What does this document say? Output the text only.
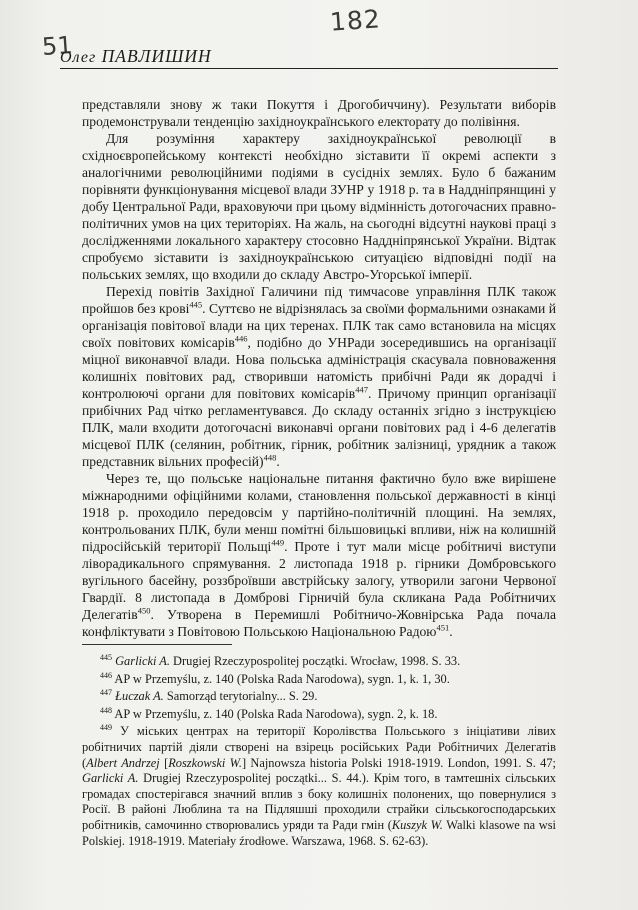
182
51
Олег ПАВЛИШИН

представляли знову ж таки Покуття і Дрогобиччину). Результати виборів продемонстрували тенденцію західноукраїнського електорату до полівіння.

Для розуміння характеру західноукраїнської революції в східноєвропейському контексті необхідно зіставити її окремі аспекти з аналогічними революційними подіями в сусідніх землях. Було б бажаним порівняти функціонування місцевої влади ЗУНР у 1918 р. та в Наддніпрянщині у добу Центральної Ради, враховуючи при цьому відмінність дотогочасних правно-політичних умов на цих територіях. На жаль, на сьогодні відсутні наукові праці з дослідженнями локального характеру стосовно Наддніпрянської України. Відтак спробуємо зіставити із західноукраїнською ситуацією відповідні події на польських землях, що входили до складу Австро-Угорської імперії.

Перехід повітів Західної Галичини під тимчасове управління ПЛК також пройшов без крові$^{445}$. Суттєво не відрізнялась за своїми формальними ознаками й організація повітової влади на цих теренах. ПЛК так само встановила на місцях своїх повітових комісарів$^{446}$, подібно до УНРади зосередившись на організації міцної виконавчої влади. Нова польська адміністрація скасувала повноваження колишніх повітових рад, створивши натомість прибічні Ради як дорадчі і контролюючі органи для повітових комісарів$^{447}$. Причому принцип організації прибічних Рад чітко регламентувався. До складу останніх згідно з інструкцією ПЛК, мали входити дотогочасні виконавчі органи повітових рад і 4-6 делегатів місцевої ПЛК (селянин, робітник, гірник, робітник залізниці, урядник а також представник вільних професій)$^{448}$.

Через те, що польське національне питання фактично було вже вирішене міжнародними офіційними колами, становлення польської державності в кінці 1918 р. проходило передовсім у партійно-політичній площині. На землях, контрольованих ПЛК, були менш помітні більшовицькі впливи, ніж на колишній підросійській території Польщі$^{449}$. Проте і тут мали місце робітничі виступи ліворадикального спрямування. 2 листопада 1918 р. гірники Домбровського вугільного басейну, роззброївши австрійську залогу, утворили загони Червоної Гвардії. 8 листопада в Домброві Гірничій була скликана Рада Робітничих Делегатів$^{450}$. Утворена в Перемишлі Робітничо-Жовнірська Рада почала конфліктувати з Повітовою Польською Національною Радою$^{451}$.

$^{445}$ Garlicki A. Drugiej Rzeczypospolitej początki. Wrocław, 1998. S. 33.

$^{446}$ AP w Przemyślu, z. 140 (Polska Rada Narodowa), sygn. 1, k. 1, 30.

$^{447}$ Łuczak A. Samorząd terytorialny... S. 29.

$^{448}$ AP w Przemyślu, z. 140 (Polska Rada Narodowa), sygn. 2, k. 18.

$^{449}$ У міських центрах на території Королівства Польського з ініціативи лівих робітничих партій діяли створені на взірець російських Ради Робітничих Делегатів (Albert Andrzej [Roszkowski W.] Najnowsza historia Polski 1918-1919. London, 1991. S. 47; Garlicki A. Drugiej Rzeczypospolitej początki... S. 44.). Крім того, в тамтешніх сільських громадах спостерігався значний вплив з боку колишніх полонених, що повернулися з Росії. В районі Люблина та на Підляшші проходили страйки сільськогосподарських робітників, самочинно створювались уряди та Ради гмін (Kuszyk W. Walki klasowe na wsi Polskiej. 1918-1919. Materiały źrodłowe. Warszawa, 1968. S. 62-63).
